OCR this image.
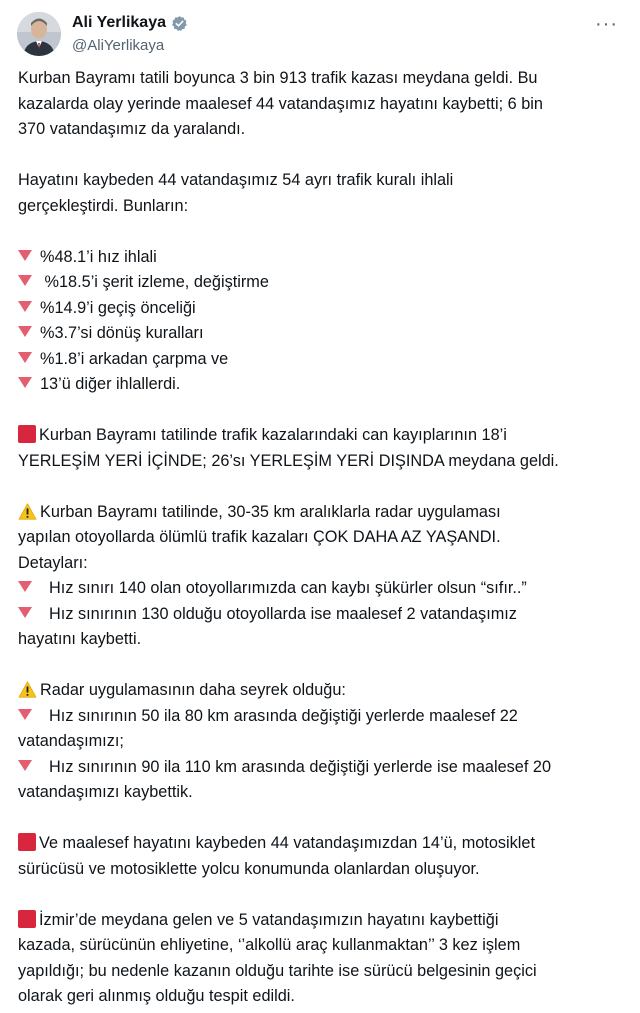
Ali Yerlikaya
@AliYerlikaya
···

Kurban Bayramı tatili boyunca 3 bin 913 trafik kazası meydana geldi. Bu
kazalarda olay yerinde maalesef 44 vatandaşımız hayatını kaybetti; 6 bin
370 vatandaşımız da yaralandı.

Hayatını kaybeden 44 vatandaşımız 54 ayrı trafik kuralı ihlali
gerçekleştirdi. Bunların:

%48.1’i hız ihlali
%18.5’i şerit izleme, değiştirme
%14.9’i geçiş önceliği
%3.7’si dönüş kuralları
%1.8’i arkadan çarpma ve
13’ü diğer ihlallerdi.

Kurban Bayramı tatilinde trafik kazalarındaki can kayıplarının 18’i
YERLEŞİM YERİ İÇİNDE; 26’sı YERLEŞİM YERİ DIŞINDA meydana geldi.

Kurban Bayramı tatilinde, 30-35 km aralıklarla radar uygulaması
yapılan otoyollarda ölümlü trafik kazaları ÇOK DAHA AZ YAŞANDI.
Detayları:
Hız sınırı 140 olan otoyollarımızda can kaybı şükürler olsun “sıfır..”
Hız sınırının 130 olduğu otoyollarda ise maalesef 2 vatandaşımız
hayatını kaybetti.

Radar uygulamasının daha seyrek olduğu:
Hız sınırının 50 ila 80 km arasında değiştiği yerlerde maalesef 22
vatandaşımızı;
Hız sınırının 90 ila 110 km arasında değiştiği yerlerde ise maalesef 20
vatandaşımızı kaybettik.

Ve maalesef hayatını kaybeden 44 vatandaşımızdan 14’ü, motosiklet
sürücüsü ve motosiklette yolcu konumunda olanlardan oluşuyor.

İzmir’de meydana gelen ve 5 vatandaşımızın hayatını kaybettiği
kazada, sürücünün ehliyetine, ‘’alkollü araç kullanmaktan’’ 3 kez işlem
yapıldığı; bu nedenle kazanın olduğu tarihte ise sürücü belgesinin geçici
olarak geri alınmış olduğu tespit edildi.
